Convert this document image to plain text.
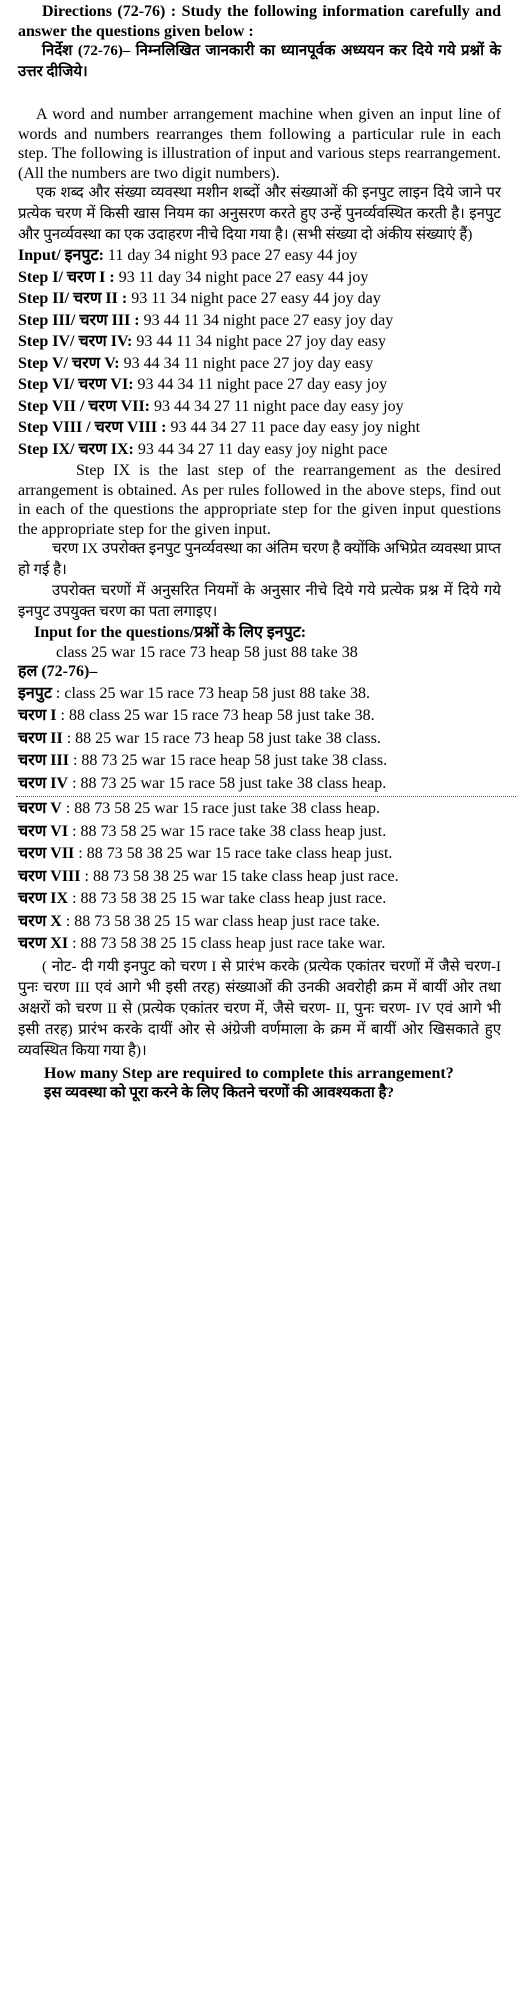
Directions (72-76) : Study the following information carefully and answer the questions given below :
निर्देश (72-76)– निम्नलिखित जानकारी का ध्यानपूर्वक अध्ययन कर दिये गये प्रश्नों के उत्तर दीजिये।
A word and number arrangement machine when given an input line of words and numbers rearranges them following a particular rule in each step. The following is illustration of input and various steps rearrangement. (All the numbers are two digit numbers).
एक शब्द और संख्या व्यवस्था मशीन शब्दों और संख्याओं की इनपुट लाइन दिये जाने पर प्रत्येक चरण में किसी खास नियम का अनुसरण करते हुए उन्हें पुनर्व्यवस्थित करती है। इनपुट और पुनर्व्यवस्था का एक उदाहरण नीचे दिया गया है। (सभी संख्या दो अंकीय संख्याएं हैं)
Input/ इनपुट: 11 day 34 night 93 pace 27 easy 44 joy
Step I/ चरण I : 93 11 day 34 night pace 27 easy 44 joy
Step II/ चरण II : 93 11 34 night pace 27 easy 44 joy day
Step III/ चरण III : 93 44 11 34 night pace 27 easy joy day
Step IV/ चरण IV: 93 44 11 34 night pace 27 joy day easy
Step V/ चरण V: 93 44 34 11 night pace 27 joy day easy
Step VI/ चरण VI: 93 44 34 11 night pace 27 day easy joy
Step VII / चरण VII: 93 44 34 27 11 night pace day easy joy
Step VIII / चरण VIII : 93 44 34 27 11 pace day easy joy night
Step IX/ चरण IX: 93 44 34 27 11 day easy joy night pace
Step IX is the last step of the rearrangement as the desired arrangement is obtained. As per rules followed in the above steps, find out in each of the questions the appropriate step for the given input questions the appropriate step for the given input.
चरण IX उपरोक्त इनपुट पुनर्व्यवस्था का अंतिम चरण है क्योंकि अभिप्रेत व्यवस्था प्राप्त हो गई है।
उपरोक्त चरणों में अनुसरित नियमों के अनुसार नीचे दिये गये प्रत्येक प्रश्न में दिये गये इनपुट उपयुक्त चरण का पता लगाइए।
Input for the questions/प्रश्नों के लिए इनपुट:
class 25 war 15 race 73 heap 58 just 88 take 38
हल (72-76)–
इनपुट : class 25 war 15 race 73 heap 58 just 88 take 38.
चरण I : 88 class 25 war 15 race 73 heap 58 just take 38.
चरण II : 88 25 war 15 race 73 heap 58 just take 38 class.
चरण III : 88 73 25 war 15 race heap 58 just take 38 class.
चरण IV : 88 73 25 war 15 race 58 just take 38 class heap.
चरण V : 88 73 58 25 war 15 race just take 38 class heap.
चरण VI : 88 73 58 25 war 15 race take 38 class heap just.
चरण VII : 88 73 58 38 25 war 15 race take class heap just.
चरण VIII : 88 73 58 38 25 war 15 take class heap just race.
चरण IX : 88 73 58 38 25 15 war take class heap just race.
चरण X : 88 73 58 38 25 15 war class heap just race take.
चरण XI : 88 73 58 38 25 15 class heap just race take war.
( नोट- दी गयी इनपुट को चरण I से प्रारंभ करके (प्रत्येक एकांतर चरणों में जैसे चरण-I पुनः चरण III एवं आगे भी इसी तरह) संख्याओं की उनकी अवरोही क्रम में बायीं ओर तथा अक्षरों को चरण II से (प्रत्येक एकांतर चरण में, जैसे चरण- II, पुनः चरण- IV एवं आगे भी इसी तरह) प्रारंभ करके दायीं ओर से अंग्रेजी वर्णमाला के क्रम में बायीं ओर खिसकाते हुए व्यवस्थित किया गया है)।
How many Step are required to complete this arrangement?
इस व्यवस्था को पूरा करने के लिए कितने चरणों की आवश्यकता है?
